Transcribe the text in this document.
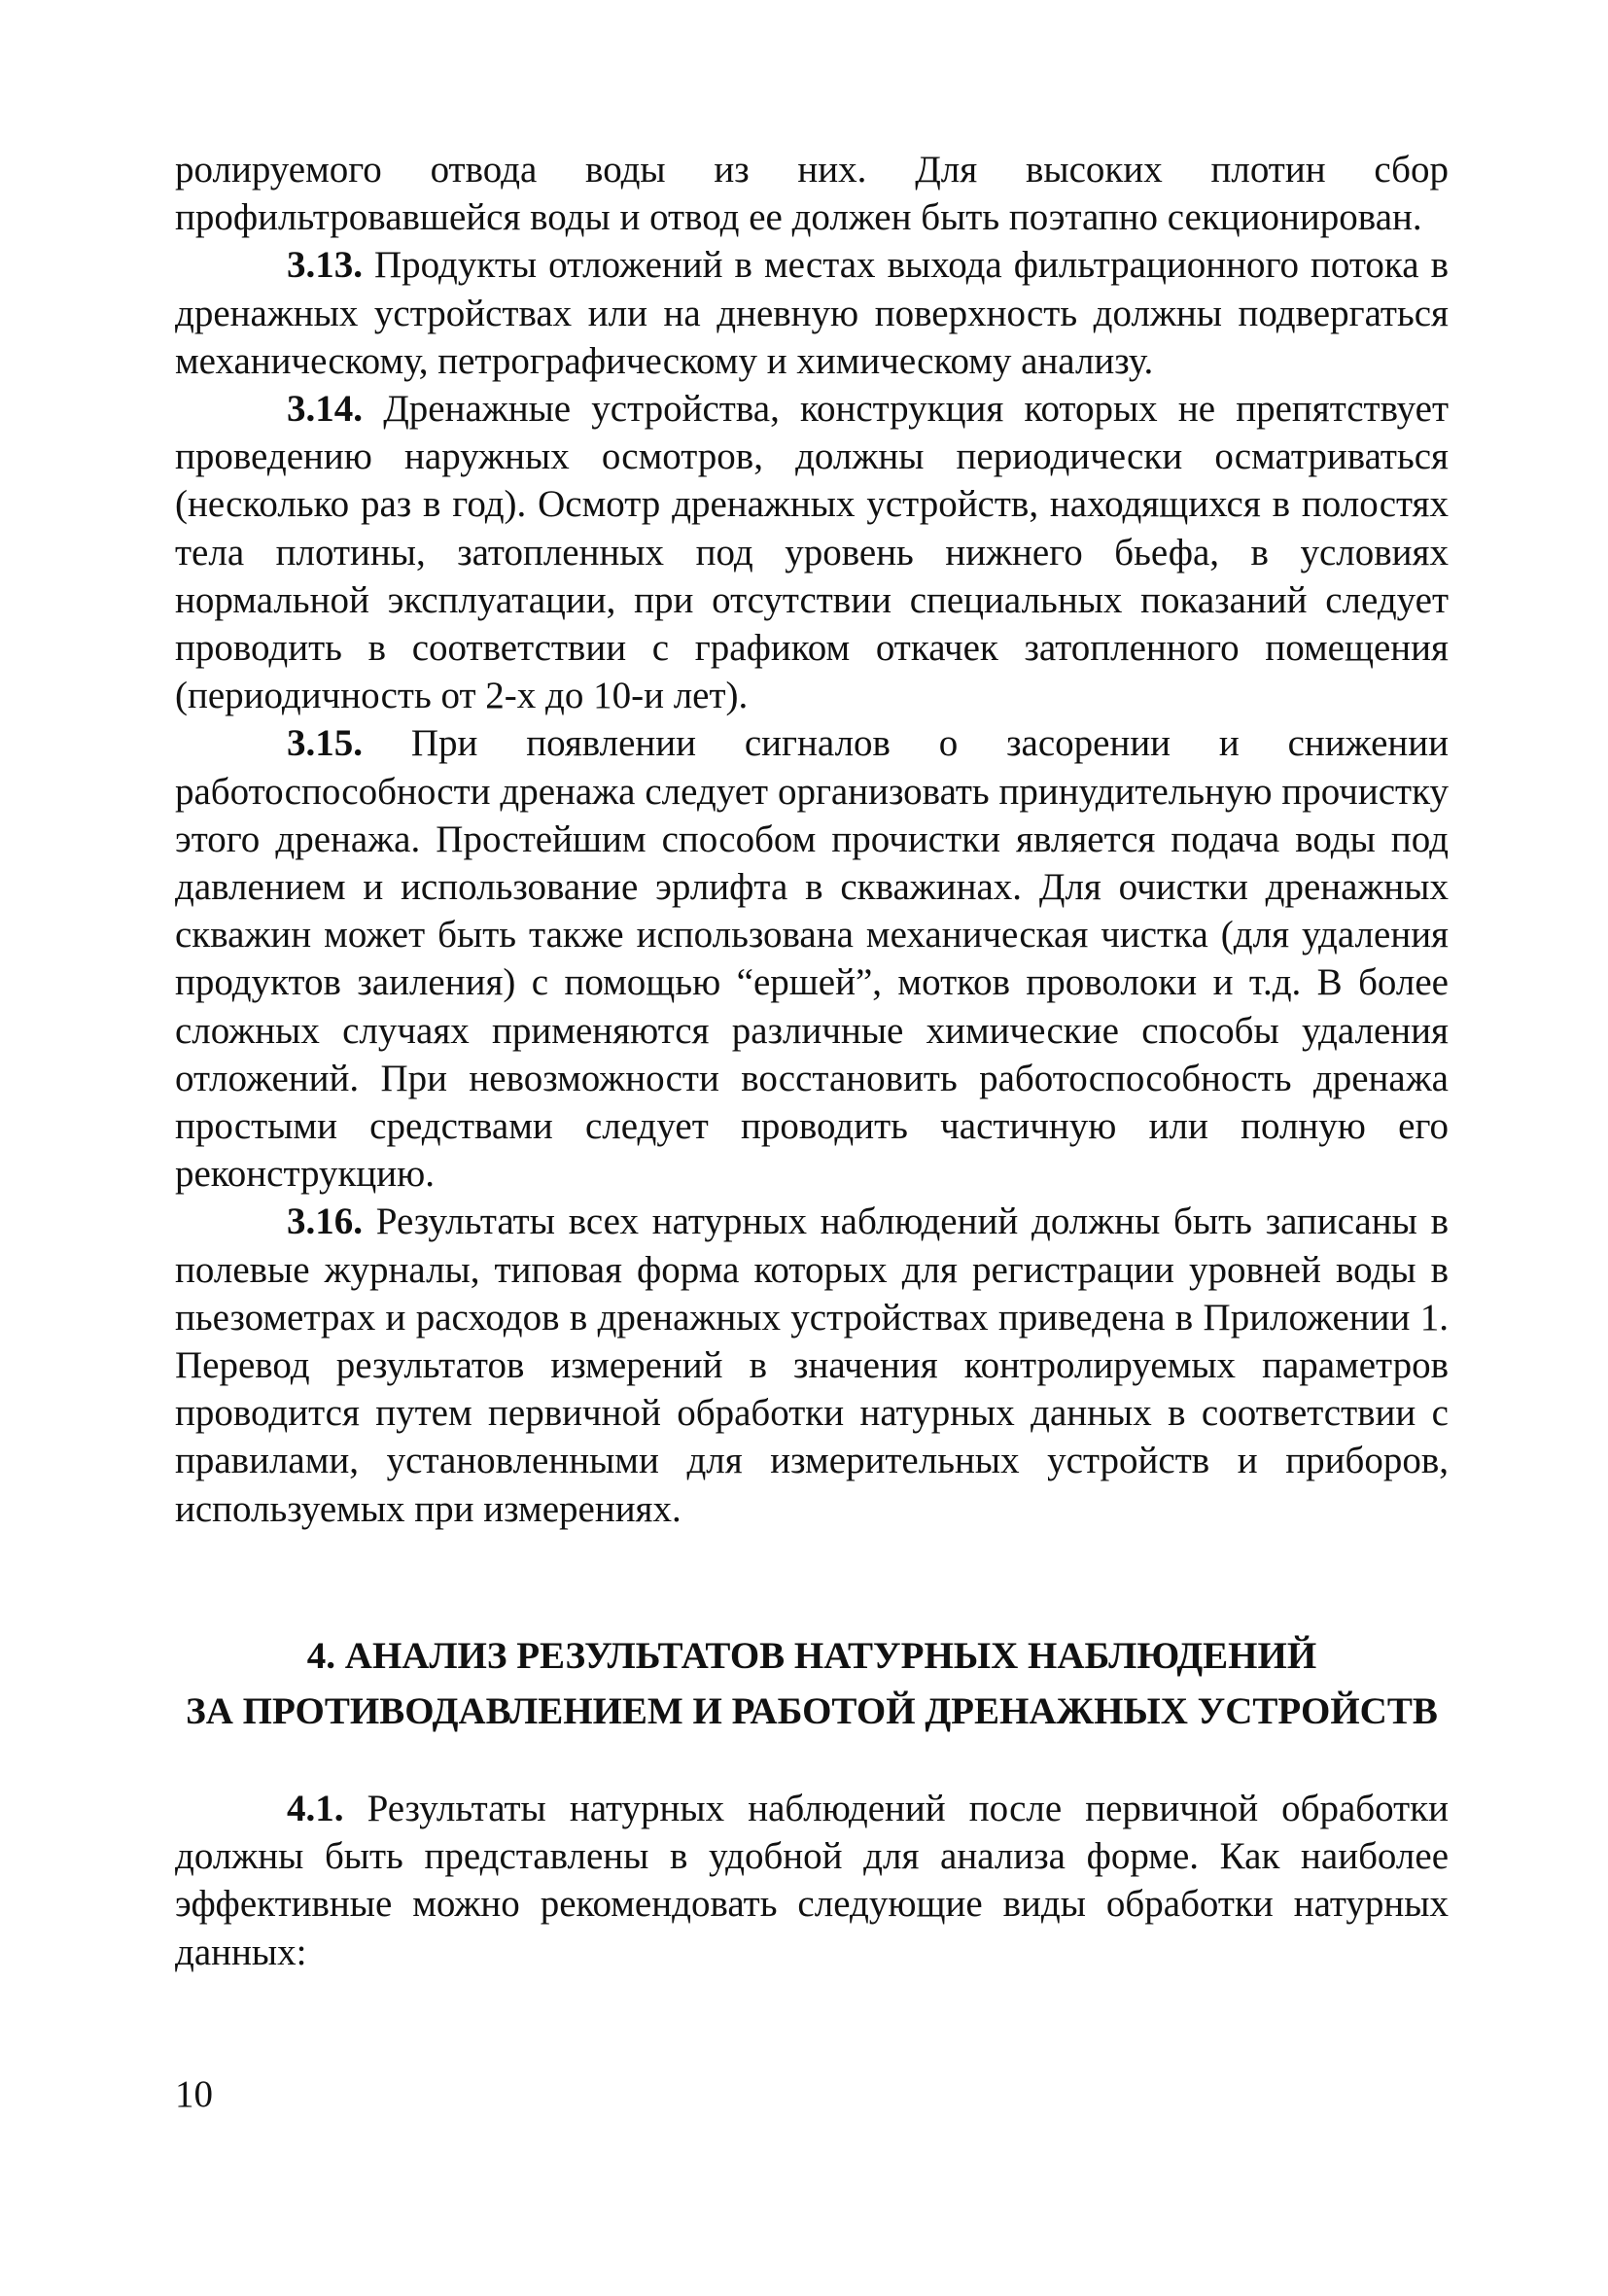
ролируемого отвода воды из них. Для высоких плотин сбор профильтровавшейся воды и отвод ее должен быть поэтапно секционирован.

3.13. Продукты отложений в местах выхода фильтрационного потока в дренажных устройствах или на дневную поверхность должны подвергаться механическому, петрографическому и химическому анализу.

3.14. Дренажные устройства, конструкция которых не препятствует проведению наружных осмотров, должны периодически осматриваться (несколько раз в год). Осмотр дренажных устройств, находящихся в полостях тела плотины, затопленных под уровень нижнего бьефа, в условиях нормальной эксплуатации, при отсутствии специальных показаний следует проводить в соответствии с графиком откачек затопленного помещения (периодичность от 2-х до 10-и лет).

3.15. При появлении сигналов о засорении и снижении работоспособности дренажа следует организовать принудительную прочистку этого дренажа. Простейшим способом прочистки является подача воды под давлением и использование эрлифта в скважинах. Для очистки дренажных скважин может быть также использована механическая чистка (для удаления продуктов заиления) с помощью “ершей”, мотков проволоки и т.д. В более сложных случаях применяются различные химические способы удаления отложений. При невозможности восстановить работоспособность дренажа простыми средствами следует проводить частичную или полную его реконструкцию.

3.16. Результаты всех натурных наблюдений должны быть записаны в полевые журналы, типовая форма которых для регистрации уровней воды в пьезометрах и расходов в дренажных устройствах приведена в Приложении 1. Перевод результатов измерений в значения контролируемых параметров проводится путем первичной обработки натурных данных в соответствии с правилами, установленными для измерительных устройств и приборов, используемых при измерениях.

4. АНАЛИЗ РЕЗУЛЬТАТОВ НАТУРНЫХ НАБЛЮДЕНИЙ
ЗА ПРОТИВОДАВЛЕНИЕМ И РАБОТОЙ ДРЕНАЖНЫХ УСТРОЙСТВ

4.1. Результаты натурных наблюдений после первичной обработки должны быть представлены в удобной для анализа форме. Как наиболее эффективные можно рекомендовать следующие виды обработки натурных данных:

10
